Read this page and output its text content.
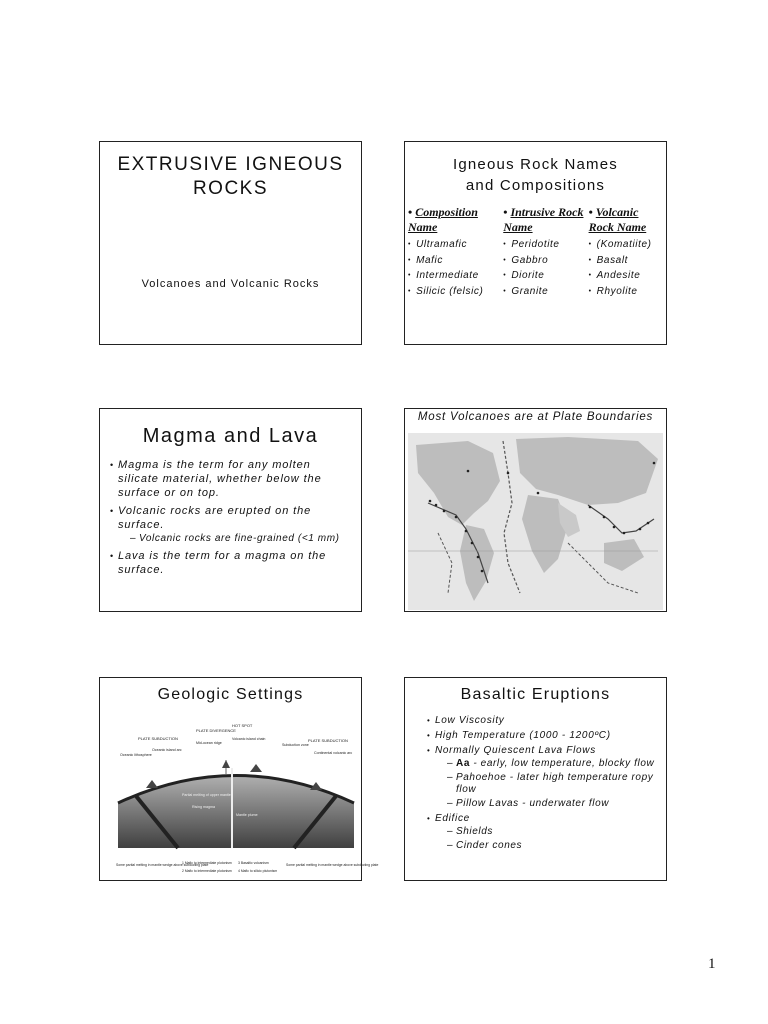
EXTRUSIVE IGNEOUS ROCKS
Volcanoes and Volcanic Rocks
Igneous Rock Names
and Compositions
• Composition Name
• Ultramafic
• Mafic
• Intermediate
• Silicic (felsic)
• Intrusive Rock Name
• Peridotite
• Gabbro
• Diorite
• Granite
• Volcanic Rock Name
• (Komatiite)
• Basalt
• Andesite
• Rhyolite
Magma and Lava
• Magma is the term for any molten silicate material, whether below the surface or on top.
• Volcanic rocks are erupted on the surface.
– Volcanic rocks are fine-grained (<1 mm)
• Lava is the term for a magma on the surface.
Most Volcanoes are at Plate Boundaries
Geologic Settings
HOT SPOT
PLATE DIVERGENCE
Mid-ocean ridge
Volcanic island chain
PLATE SUBDUCTION
Oceanic island arc
Oceanic lithosphere
Subduction zone
PLATE SUBDUCTION
Continental volcanic arc
Partial melting of upper mantle
Rising magma
Mantle plume
Some partial melting in mantle wedge above subducting plate
1 Mafic to intermediate plutonism
2 Mafic to intermediate plutonism
3 Basaltic volcanism
4 Mafic to silicic plutonism
Some partial melting in mantle wedge above subducting plate
Basaltic Eruptions
• Low Viscosity
• High Temperature (1000 - 1200ºC)
• Normally Quiescent Lava Flows
– Aa - early, low temperature, blocky flow
– Pahoehoe - later high temperature ropy flow
– Pillow Lavas - underwater flow
• Edifice
– Shields
– Cinder cones
1
